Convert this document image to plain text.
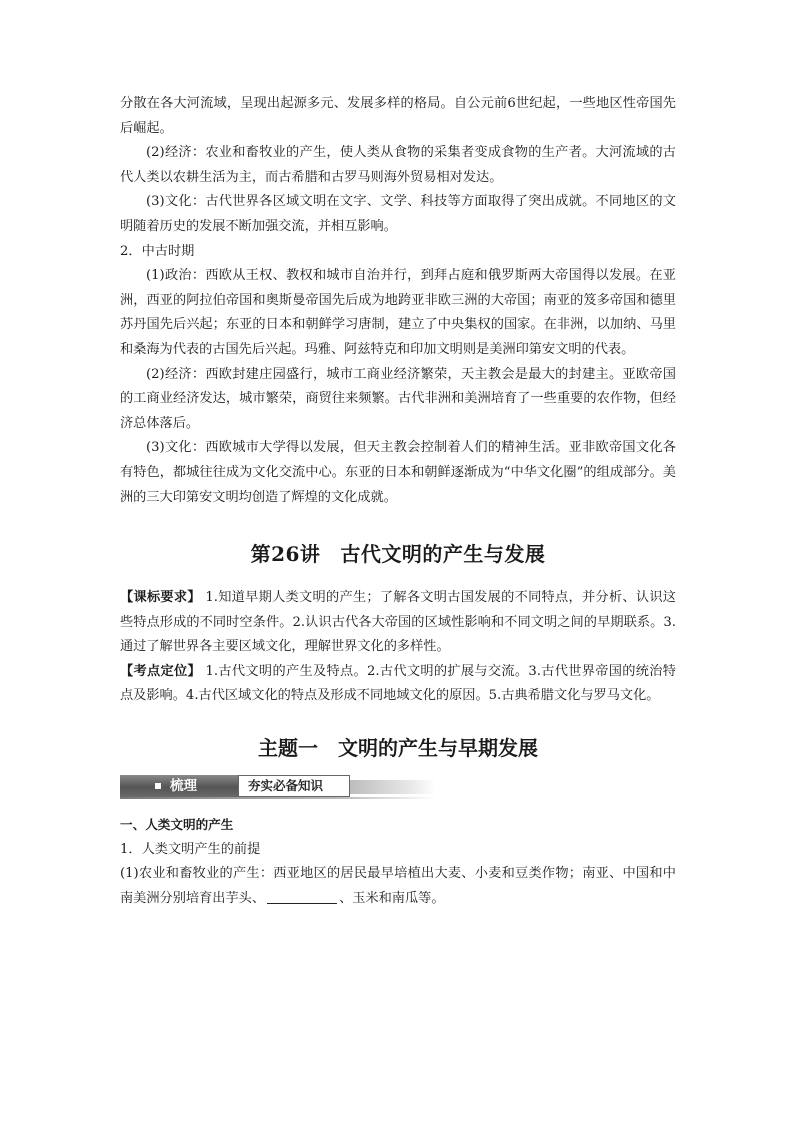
分散在各大河流域，呈现出起源多元、发展多样的格局。自公元前6世纪起，一些地区性帝国先后崛起。

(2)经济：农业和畜牧业的产生，使人类从食物的采集者变成食物的生产者。大河流域的古代人类以农耕生活为主，而古希腊和古罗马则海外贸易相对发达。

(3)文化：古代世界各区域文明在文字、文学、科技等方面取得了突出成就。不同地区的文明随着历史的发展不断加强交流，并相互影响。

2．中古时期

(1)政治：西欧从王权、教权和城市自治并行，到拜占庭和俄罗斯两大帝国得以发展。在亚洲，西亚的阿拉伯帝国和奥斯曼帝国先后成为地跨亚非欧三洲的大帝国；南亚的笈多帝国和德里苏丹国先后兴起；东亚的日本和朝鲜学习唐制，建立了中央集权的国家。在非洲，以加纳、马里和桑海为代表的古国先后兴起。玛雅、阿兹特克和印加文明则是美洲印第安文明的代表。

(2)经济：西欧封建庄园盛行，城市工商业经济繁荣，天主教会是最大的封建主。亚欧帝国的工商业经济发达，城市繁荣，商贸往来频繁。古代非洲和美洲培育了一些重要的农作物，但经济总体落后。

(3)文化：西欧城市大学得以发展，但天主教会控制着人们的精神生活。亚非欧帝国文化各有特色，都城往往成为文化交流中心。东亚的日本和朝鲜逐渐成为“中华文化圈”的组成部分。美洲的三大印第安文明均创造了辉煌的文化成就。

第26讲 古代文明的产生与发展

【课标要求】 1.知道早期人类文明的产生；了解各文明古国发展的不同特点，并分析、认识这些特点形成的不同时空条件。2.认识古代各大帝国的区域性影响和不同文明之间的早期联系。3.通过了解世界各主要区域文化，理解世界文化的多样性。

【考点定位】 1.古代文明的产生及特点。2.古代文明的扩展与交流。3.古代世界帝国的统治特点及影响。4.古代区域文化的特点及形成不同地域文化的原因。5.古典希腊文化与罗马文化。

主题一 文明的产生与早期发展
梳理	夯实必备知识

一、人类文明的产生

1．人类文明产生的前提

(1)农业和畜牧业的产生：西亚地区的居民最早培植出大麦、小麦和豆类作物；南亚、中国和中南美洲分别培育出芋头、	、玉米和南瓜等。
